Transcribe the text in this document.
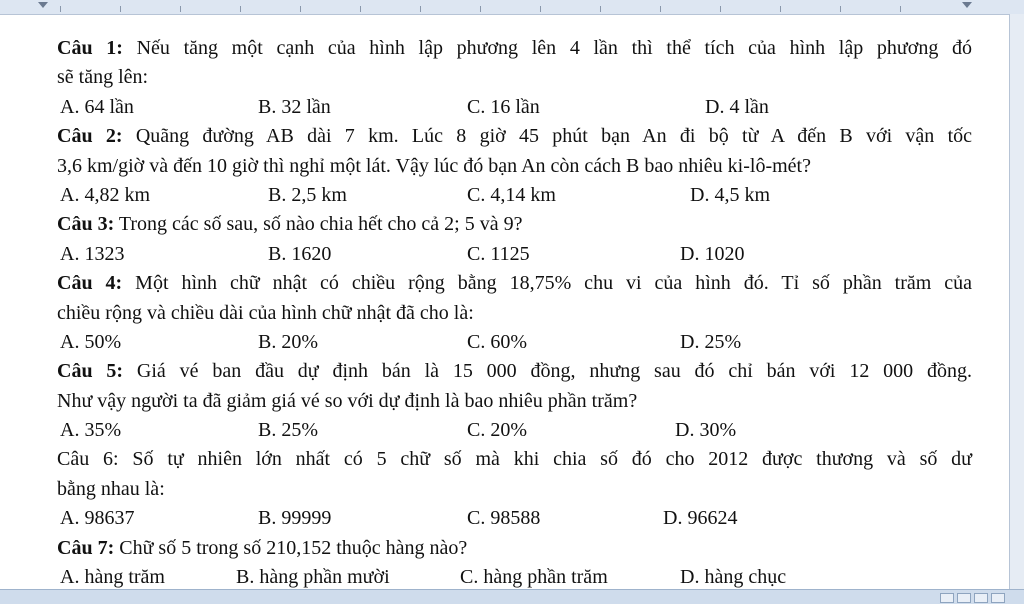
Câu 1: Nếu tăng một cạnh của hình lập phương lên 4 lần thì thể tích của hình lập phương đó
sẽ tăng lên:
A. 64 lần	B. 32 lần	C. 16 lần	D. 4 lần
Câu 2: Quãng đường AB dài 7 km. Lúc 8 giờ 45 phút bạn An đi bộ từ A đến B với vận tốc
3,6 km/giờ và đến 10 giờ thì nghỉ một lát. Vậy lúc đó bạn An còn cách B bao nhiêu ki-lô-mét?
A. 4,82 km	B. 2,5 km	C. 4,14 km	D. 4,5 km
Câu 3: Trong các số sau, số nào chia hết cho cả 2; 5 và 9?
A. 1323	B. 1620	C. 1125	D. 1020
Câu 4: Một hình chữ nhật có chiều rộng bằng 18,75% chu vi của hình đó. Tỉ số phần trăm của
chiều rộng và chiều dài của hình chữ nhật đã cho là:
A. 50%	B. 20%	C. 60%	D. 25%
Câu 5: Giá vé ban đầu dự định bán là 15 000 đồng, nhưng sau đó chỉ bán với 12 000 đồng.
Như vậy người ta đã giảm giá vé so với dự định là bao nhiêu phần trăm?
A. 35%	B. 25%	C. 20%	D. 30%
Câu 6: Số tự nhiên lớn nhất có 5 chữ số mà khi chia số đó cho 2012 được thương và số dư
bằng nhau là:
A. 98637	B. 99999	C. 98588	D. 96624
Câu 7: Chữ số 5 trong số 210,152 thuộc hàng nào?
A. hàng trăm	B. hàng phần mười	C. hàng phần trăm	D. hàng chục
